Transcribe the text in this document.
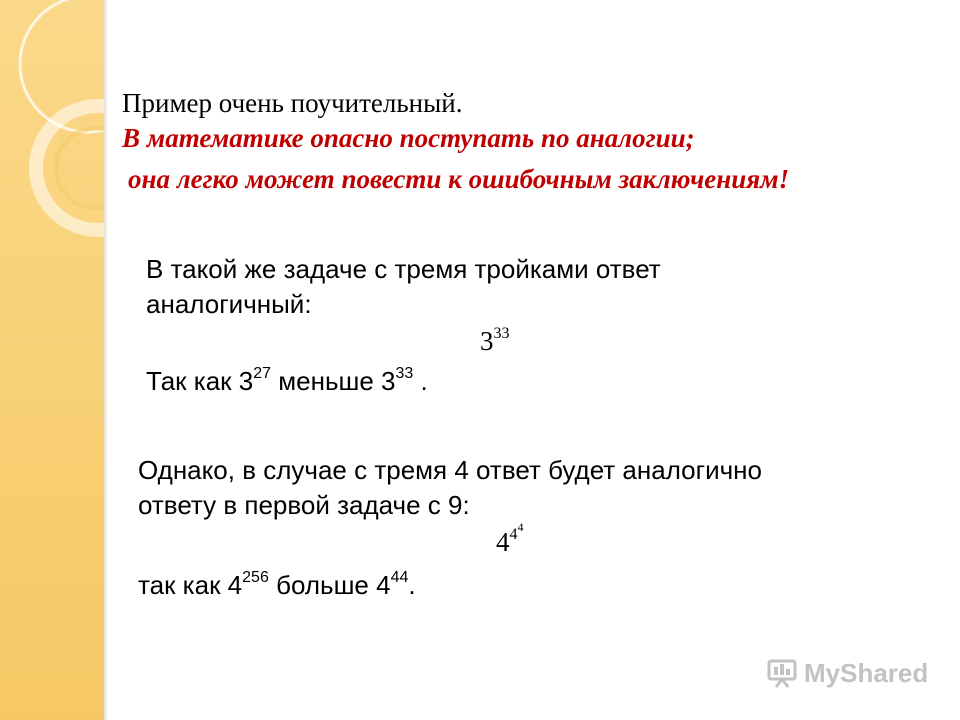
Пример очень поучительный.

В математике опасно поступать по аналогии;

она легко может повести к ошибочным заключениям!

В такой же задаче с тремя тройками ответ

аналогичный:

$3^{33}$

Так как $3^{27}$ меньше $3^{33}$ .

Однако, в случае с тремя 4 ответ будет аналогично

ответу в первой задаче с 9:

$4^{4^4}$

так как $4^{256}$ больше $4^{44}$.

MyShared
